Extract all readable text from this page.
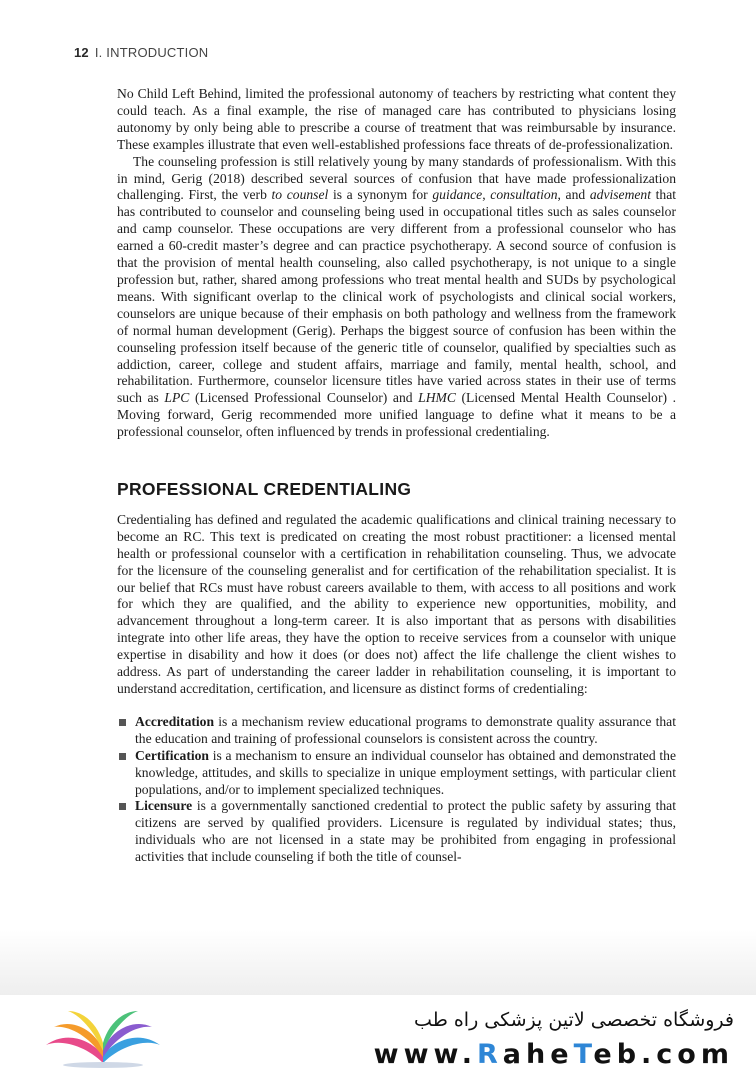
12 I. INTRODUCTION

No Child Left Behind, limited the professional autonomy of teachers by restricting what content they could teach. As a final example, the rise of managed care has contributed to physicians losing autonomy by only being able to prescribe a course of treatment that was reimbursable by insurance. These examples illustrate that even well-established professions face threats of de-professionalization.

The counseling profession is still relatively young by many standards of professionalism. With this in mind, Gerig (2018) described several sources of confusion that have made professionalization challenging. First, the verb to counsel is a synonym for guidance, consultation, and advisement that has contributed to counselor and counseling being used in occupational titles such as sales counselor and camp counselor. These occupations are very different from a professional counselor who has earned a 60-credit master’s degree and can practice psychotherapy. A second source of confusion is that the provision of mental health counseling, also called psychotherapy, is not unique to a single profession but, rather, shared among professions who treat mental health and SUDs by psychological means. With significant overlap to the clinical work of psychologists and clinical social workers, counselors are unique because of their emphasis on both pathology and wellness from the framework of normal human development (Gerig). Perhaps the biggest source of confusion has been within the counseling profession itself because of the generic title of counselor, qualified by specialties such as addiction, career, college and student affairs, marriage and family, mental health, school, and rehabilitation. Furthermore, counselor licensure titles have varied across states in their use of terms such as LPC (Licensed Professional Counselor) and LHMC (Licensed Mental Health Counselor) . Moving forward, Gerig recommended more unified language to define what it means to be a professional counselor, often influenced by trends in professional credentialing.

PROFESSIONAL CREDENTIALING

Credentialing has defined and regulated the academic qualifications and clinical training necessary to become an RC. This text is predicated on creating the most robust practitioner: a licensed mental health or professional counselor with a certification in rehabilitation counseling. Thus, we advocate for the licensure of the counseling generalist and for certification of the rehabilitation specialist. It is our belief that RCs must have robust careers available to them, with access to all positions and work for which they are qualified, and the ability to experience new opportunities, mobility, and advancement throughout a long-term career. It is also important that as persons with disabilities integrate into other life areas, they have the option to receive services from a counselor with unique expertise in disability and how it does (or does not) affect the life challenge the client wishes to address. As part of understanding the career ladder in rehabilitation counseling, it is important to understand accreditation, certification, and licensure as distinct forms of credentialing:

Accreditation is a mechanism review educational programs to demonstrate quality assurance that the education and training of professional counselors is consistent across the country.
Certification is a mechanism to ensure an individual counselor has obtained and demonstrated the knowledge, attitudes, and skills to specialize in unique employment settings, with particular client populations, and/or to implement specialized techniques.
Licensure is a governmentally sanctioned credential to protect the public safety by assuring that citizens are served by qualified providers. Licensure is regulated by individual states; thus, individuals who are not licensed in a state may be prohibited from engaging in professional activities that include counseling if both the title of counsel-
فروشگاه تخصصی لاتین پزشکی راه طب
www.RaheTeb.com
